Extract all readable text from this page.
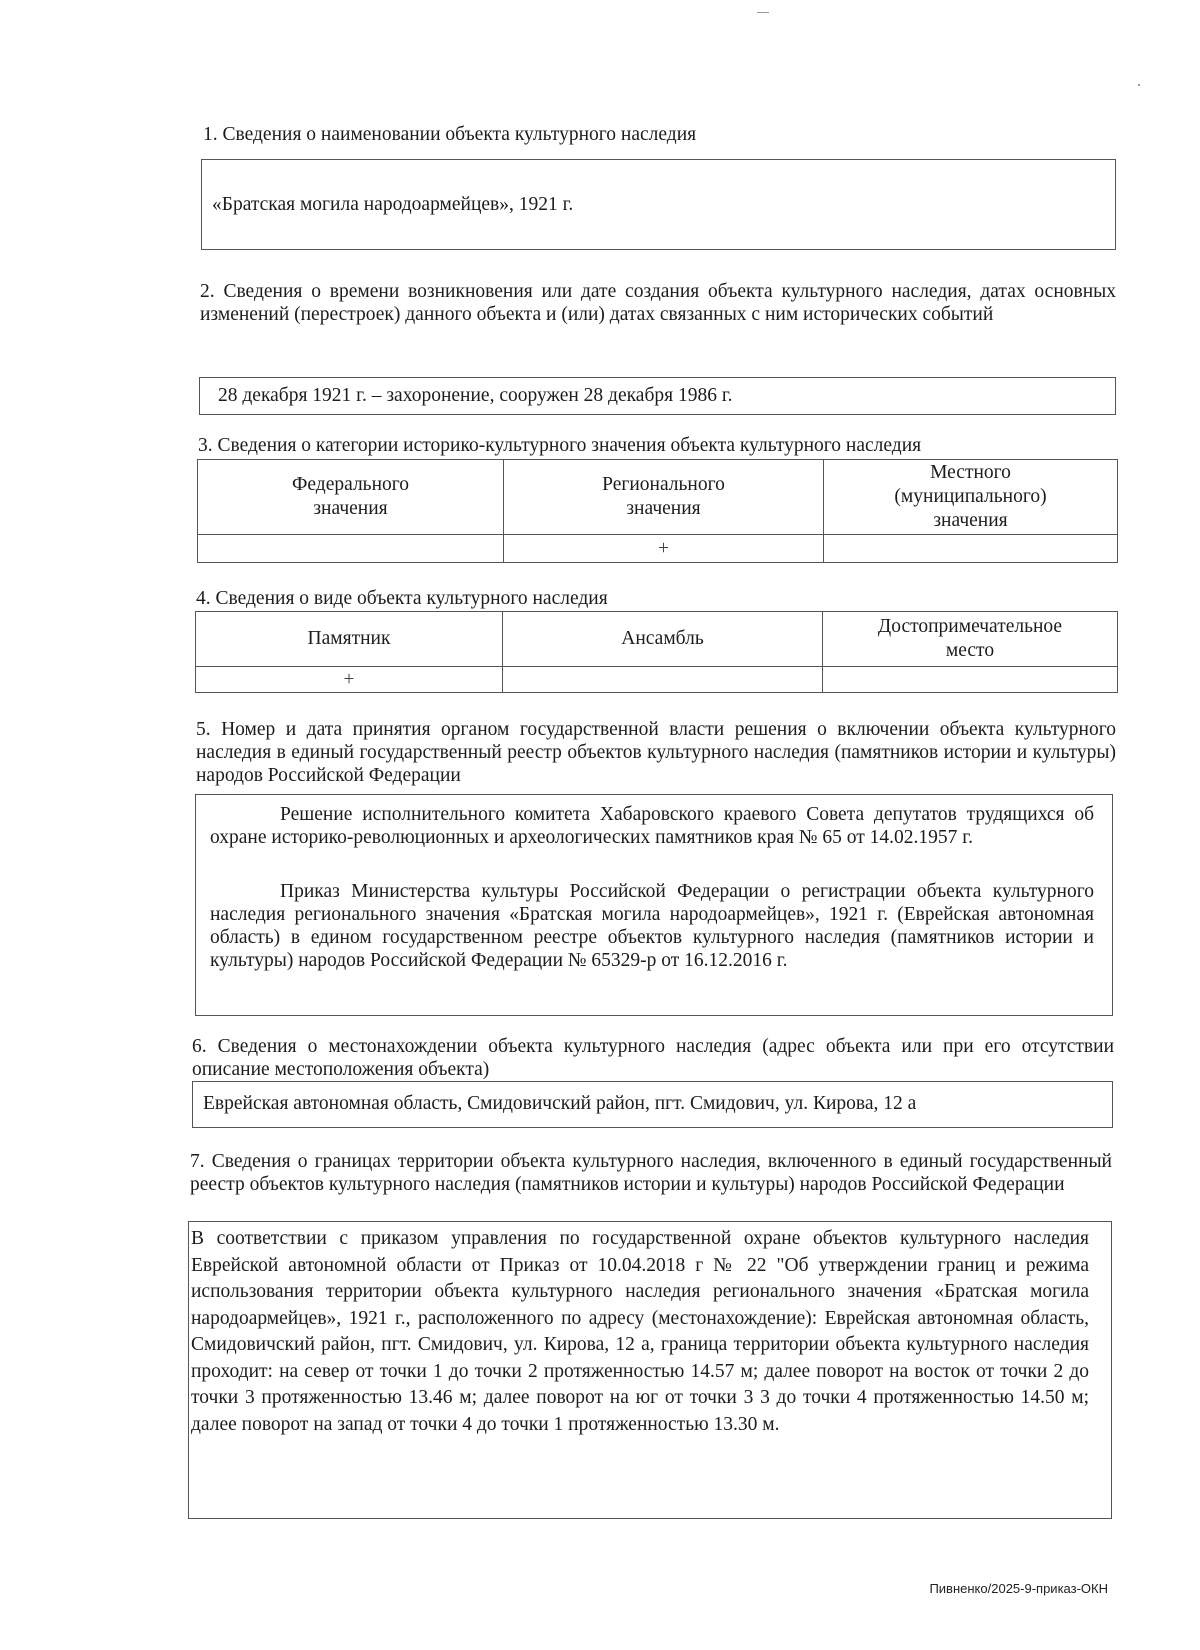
1. Сведения о наименовании объекта культурного наследия
«Братская могила народоармейцев», 1921 г.
2. Сведения о времени возникновения или дате создания объекта культурного наследия, датах основных изменений (перестроек) данного объекта и (или) датах связанных с ним исторических событий
28 декабря 1921 г. – захоронение, сооружен 28 декабря 1986 г.
3. Сведения о категории историко-культурного значения объекта культурного наследия
Федерального значения	Регионального значения	Местного (муниципального) значения
	+	
4. Сведения о виде объекта культурного наследия
Памятник	Ансамбль	Достопримечательное место
+		
5. Номер и дата принятия органом государственной власти решения о включении объекта культурного наследия в единый государственный реестр объектов культурного наследия (памятников истории и культуры) народов Российской Федерации
Решение исполнительного комитета Хабаровского краевого Совета депутатов трудящихся об охране историко-революционных и археологических памятников края № 65 от 14.02.1957 г.
Приказ Министерства культуры Российской Федерации о регистрации объекта культурного наследия регионального значения «Братская могила народоармейцев», 1921 г. (Еврейская автономная область) в едином государственном реестре объектов культурного наследия (памятников истории и культуры) народов Российской Федерации № 65329-р от 16.12.2016 г.
6. Сведения о местонахождении объекта культурного наследия (адрес объекта или при его отсутствии описание местоположения объекта)
Еврейская автономная область, Смидовичский район, пгт. Смидович, ул. Кирова, 12 а
7. Сведения о границах территории объекта культурного наследия, включенного в единый государственный реестр объектов культурного наследия (памятников истории и культуры) народов Российской Федерации
В соответствии с приказом управления по государственной охране объектов культурного наследия Еврейской автономной области от Приказ от 10.04.2018 г № 22 "Об утверждении границ и режима использования территории объекта культурного наследия регионального значения «Братская могила народоармейцев», 1921 г., расположенного по адресу (местонахождение): Еврейская автономная область, Смидовичский район, пгт. Смидович, ул. Кирова, 12 а, граница территории объекта культурного наследия проходит: на север от точки 1 до точки 2 протяженностью 14.57 м; далее поворот на восток от точки 2 до точки 3 протяженностью 13.46 м; далее поворот на юг от точки 3 3 до точки 4 протяженностью 14.50 м; далее поворот на запад от точки 4 до точки 1 протяженностью 13.30 м.
Пивненко/2025-9-приказ-ОКН
